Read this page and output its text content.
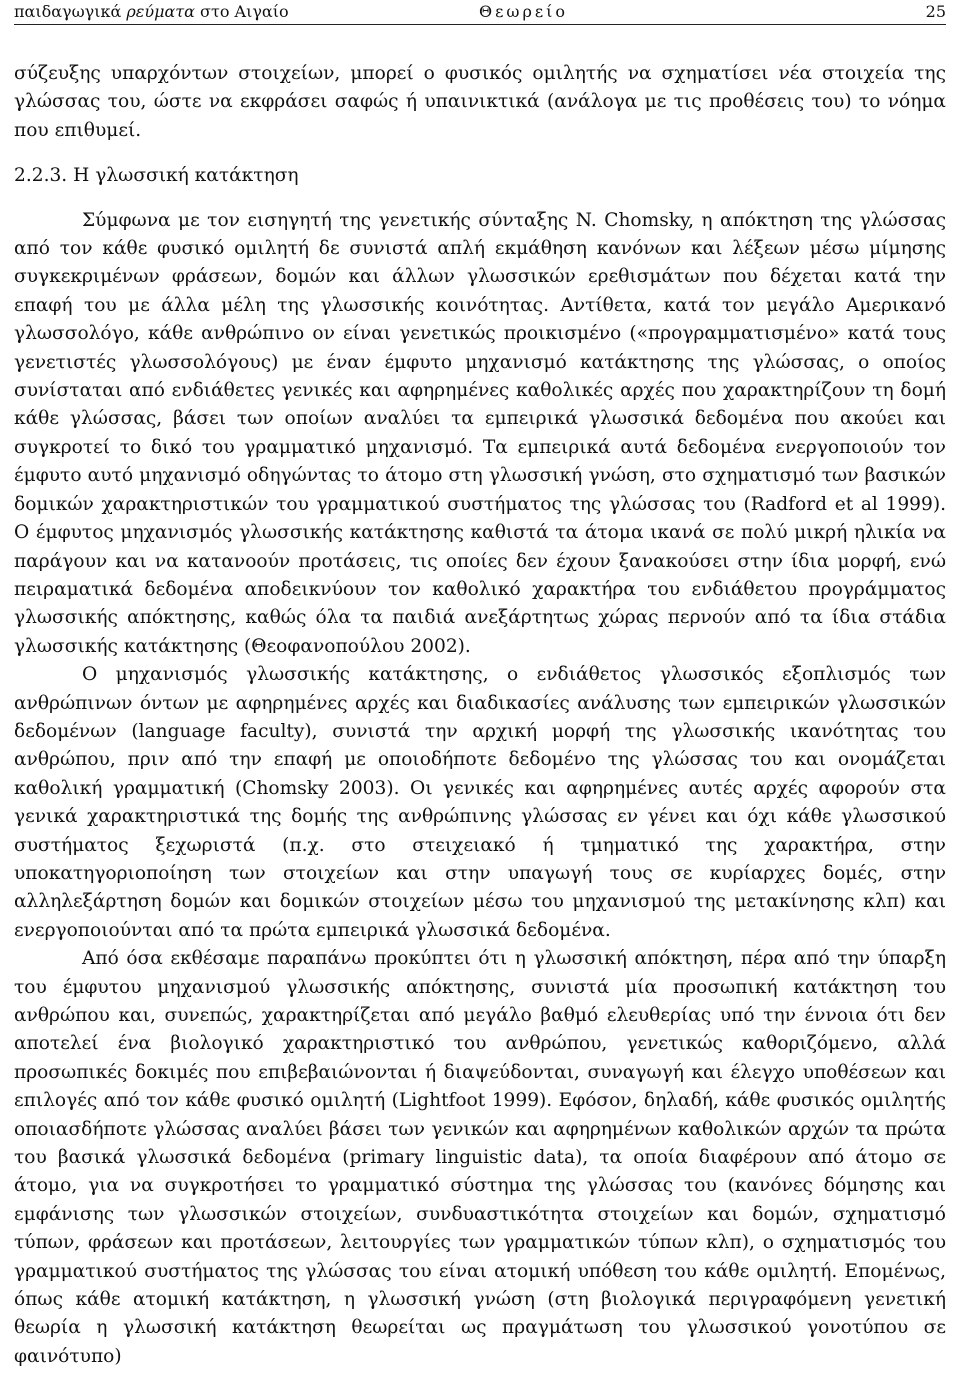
παιδαγωγικά ρεύματα στο Αιγαίο	Θεωρείο	25

σύζευξης υπαρχόντων στοιχείων, μπορεί ο φυσικός ομιλητής να σχηματίσει νέα στοιχεία της γλώσσας του, ώστε να εκφράσει σαφώς ή υπαινικτικά (ανάλογα με τις προθέσεις του) το νόημα που επιθυμεί.

2.2.3. Η γλωσσική κατάκτηση

Σύμφωνα με τον εισηγητή της γενετικής σύνταξης N. Chomsky, η απόκτηση της γλώσσας από τον κάθε φυσικό ομιλητή δε συνιστά απλή εκμάθηση κανόνων και λέξεων μέσω μίμησης συγκεκριμένων φράσεων, δομών και άλλων γλωσσικών ερεθισμάτων που δέχεται κατά την επαφή του με άλλα μέλη της γλωσσικής κοινότητας. Αντίθετα, κατά τον μεγάλο Αμερικανό γλωσσολόγο, κάθε ανθρώπινο ον είναι γενετικώς προικισμένο («προγραμματισμένο» κατά τους γενετιστές γλωσσολόγους) με έναν έμφυτο μηχανισμό κατάκτησης της γλώσσας, ο οποίος συνίσταται από ενδιάθετες γενικές και αφηρημένες καθολικές αρχές που χαρακτηρίζουν τη δομή κάθε γλώσσας, βάσει των οποίων αναλύει τα εμπειρικά γλωσσικά δεδομένα που ακούει και συγκροτεί το δικό του γραμματικό μηχανισμό. Τα εμπειρικά αυτά δεδομένα ενεργοποιούν τον έμφυτο αυτό μηχανισμό οδηγώντας το άτομο στη γλωσσική γνώση, στο σχηματισμό των βασικών δομικών χαρακτηριστικών του γραμματικού συστήματος της γλώσσας του (Radford et al 1999). Ο έμφυτος μηχανισμός γλωσσικής κατάκτησης καθιστά τα άτομα ικανά σε πολύ μικρή ηλικία να παράγουν και να κατανοούν προτάσεις, τις οποίες δεν έχουν ξανακούσει στην ίδια μορφή, ενώ πειραματικά δεδομένα αποδεικνύουν τον καθολικό χαρακτήρα του ενδιάθετου προγράμματος γλωσσικής απόκτησης, καθώς όλα τα παιδιά ανεξάρτητως χώρας περνούν από τα ίδια στάδια γλωσσικής κατάκτησης (Θεοφανοπούλου 2002).

Ο μηχανισμός γλωσσικής κατάκτησης, ο ενδιάθετος γλωσσικός εξοπλισμός των ανθρώπινων όντων με αφηρημένες αρχές και διαδικασίες ανάλυσης των εμπειρικών γλωσσικών δεδομένων (language faculty), συνιστά την αρχική μορφή της γλωσσικής ικανότητας του ανθρώπου, πριν από την επαφή με οποιοδήποτε δεδομένο της γλώσσας του και ονομάζεται καθολική γραμματική (Chomsky 2003). Οι γενικές και αφηρημένες αυτές αρχές αφορούν στα γενικά χαρακτηριστικά της δομής της ανθρώπινης γλώσσας εν γένει και όχι κάθε γλωσσικού συστήματος ξεχωριστά (π.χ. στο στειχειακό ή τμηματικό της χαρακτήρα, στην υποκατηγοριοποίηση των στοιχείων και στην υπαγωγή τους σε κυρίαρχες δομές, στην αλληλεξάρτηση δομών και δομικών στοιχείων μέσω του μηχανισμού της μετακίνησης κλπ) και ενεργοποιούνται από τα πρώτα εμπειρικά γλωσσικά δεδομένα.

Από όσα εκθέσαμε παραπάνω προκύπτει ότι η γλωσσική απόκτηση, πέρα από την ύπαρξη του έμφυτου μηχανισμού γλωσσικής απόκτησης, συνιστά μία προσωπική κατάκτηση του ανθρώπου και, συνεπώς, χαρακτηρίζεται από μεγάλο βαθμό ελευθερίας υπό την έννοια ότι δεν αποτελεί ένα βιολογικό χαρακτηριστικό του ανθρώπου, γενετικώς καθοριζόμενο, αλλά προσωπικές δοκιμές που επιβεβαιώνονται ή διαψεύδονται, συναγωγή και έλεγχο υποθέσεων και επιλογές από τον κάθε φυσικό ομιλητή (Lightfoot 1999). Εφόσον, δηλαδή, κάθε φυσικός ομιλητής οποιασδήποτε γλώσσας αναλύει βάσει των γενικών και αφηρημένων καθολικών αρχών τα πρώτα του βασικά γλωσσικά δεδομένα (primary linguistic data), τα οποία διαφέρουν από άτομο σε άτομο, για να συγκροτήσει το γραμματικό σύστημα της γλώσσας του (κανόνες δόμησης και εμφάνισης των γλωσσικών στοιχείων, συνδυαστικότητα στοιχείων και δομών, σχηματισμό τύπων, φράσεων και προτάσεων, λειτουργίες των γραμματικών τύπων κλπ), ο σχηματισμός του γραμματικού συστήματος της γλώσσας του είναι ατομική υπόθεση του κάθε ομιλητή. Επομένως, όπως κάθε ατομική κατάκτηση, η γλωσσική γνώση (στη βιολογικά περιγραφόμενη γενετική θεωρία η γλωσσική κατάκτηση θεωρείται ως πραγμάτωση του γλωσσικού γονοτύπου σε φαινότυπο)
